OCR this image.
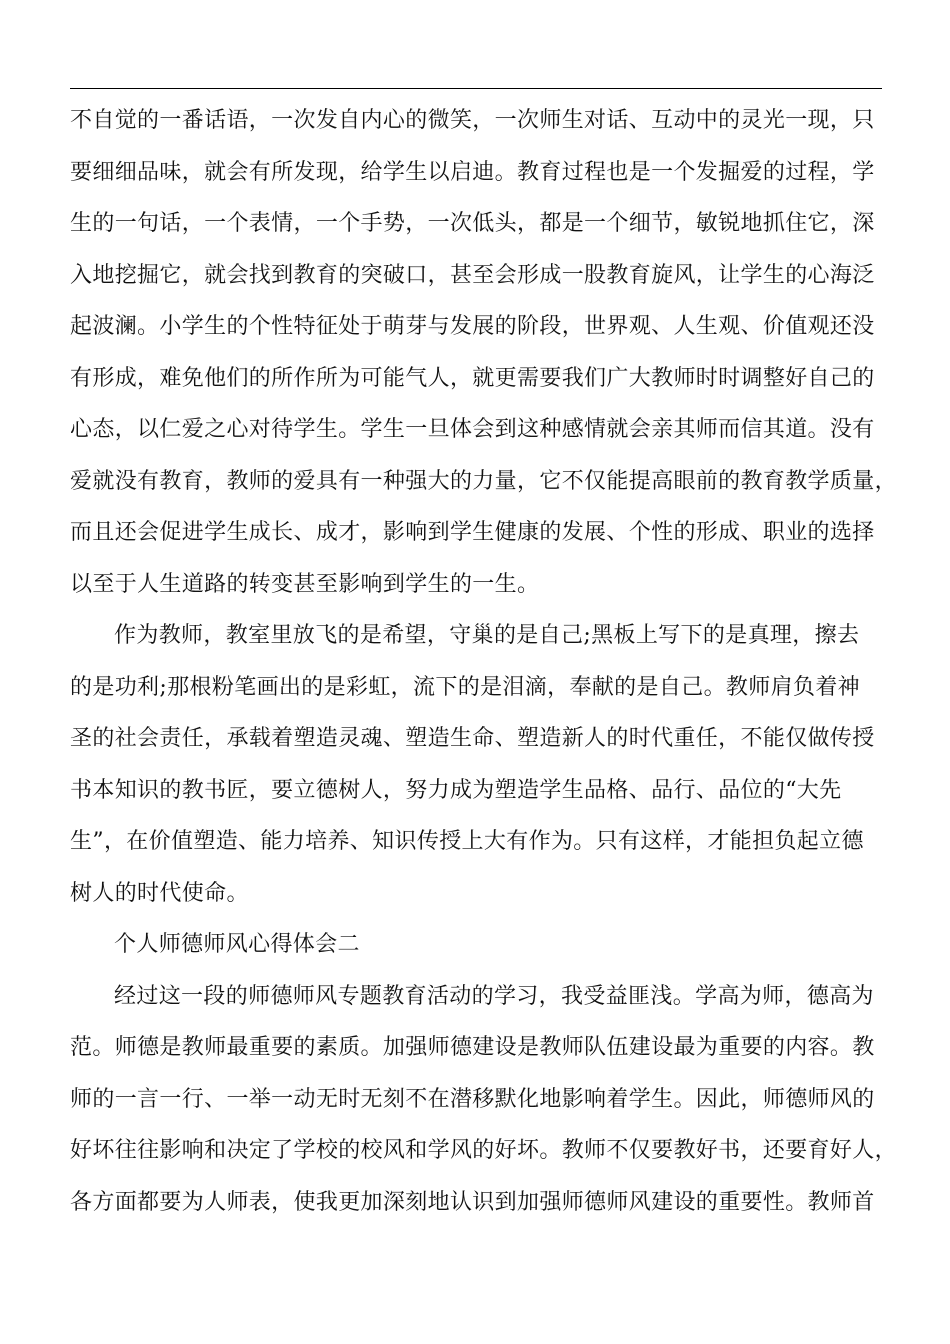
不自觉的一番话语，一次发自内心的微笑，一次师生对话、互动中的灵光一现，只
要细细品味，就会有所发现，给学生以启迪。教育过程也是一个发掘爱的过程，学
生的一句话，一个表情，一个手势，一次低头，都是一个细节，敏锐地抓住它，深
入地挖掘它，就会找到教育的突破口，甚至会形成一股教育旋风，让学生的心海泛
起波澜。小学生的个性特征处于萌芽与发展的阶段，世界观、人生观、价值观还没
有形成，难免他们的所作所为可能气人，就更需要我们广大教师时时调整好自己的
心态，以仁爱之心对待学生。学生一旦体会到这种感情就会亲其师而信其道。没有
爱就没有教育，教师的爱具有一种强大的力量，它不仅能提高眼前的教育教学质量，
而且还会促进学生成长、成才，影响到学生健康的发展、个性的形成、职业的选择
以至于人生道路的转变甚至影响到学生的一生。
作为教师，教室里放飞的是希望，守巢的是自己;黑板上写下的是真理，擦去
的是功利;那根粉笔画出的是彩虹，流下的是泪滴，奉献的是自己。教师肩负着神
圣的社会责任，承载着塑造灵魂、塑造生命、塑造新人的时代重任，不能仅做传授
书本知识的教书匠，要立德树人，努力成为塑造学生品格、品行、品位的“大先
生”，在价值塑造、能力培养、知识传授上大有作为。只有这样，才能担负起立德
树人的时代使命。
个人师德师风心得体会二
经过这一段的师德师风专题教育活动的学习，我受益匪浅。学高为师，德高为
范。师德是教师最重要的素质。加强师德建设是教师队伍建设最为重要的内容。教
师的一言一行、一举一动无时无刻不在潜移默化地影响着学生。因此，师德师风的
好坏往往影响和决定了学校的校风和学风的好坏。教师不仅要教好书，还要育好人，
各方面都要为人师表，使我更加深刻地认识到加强师德师风建设的重要性。教师首
